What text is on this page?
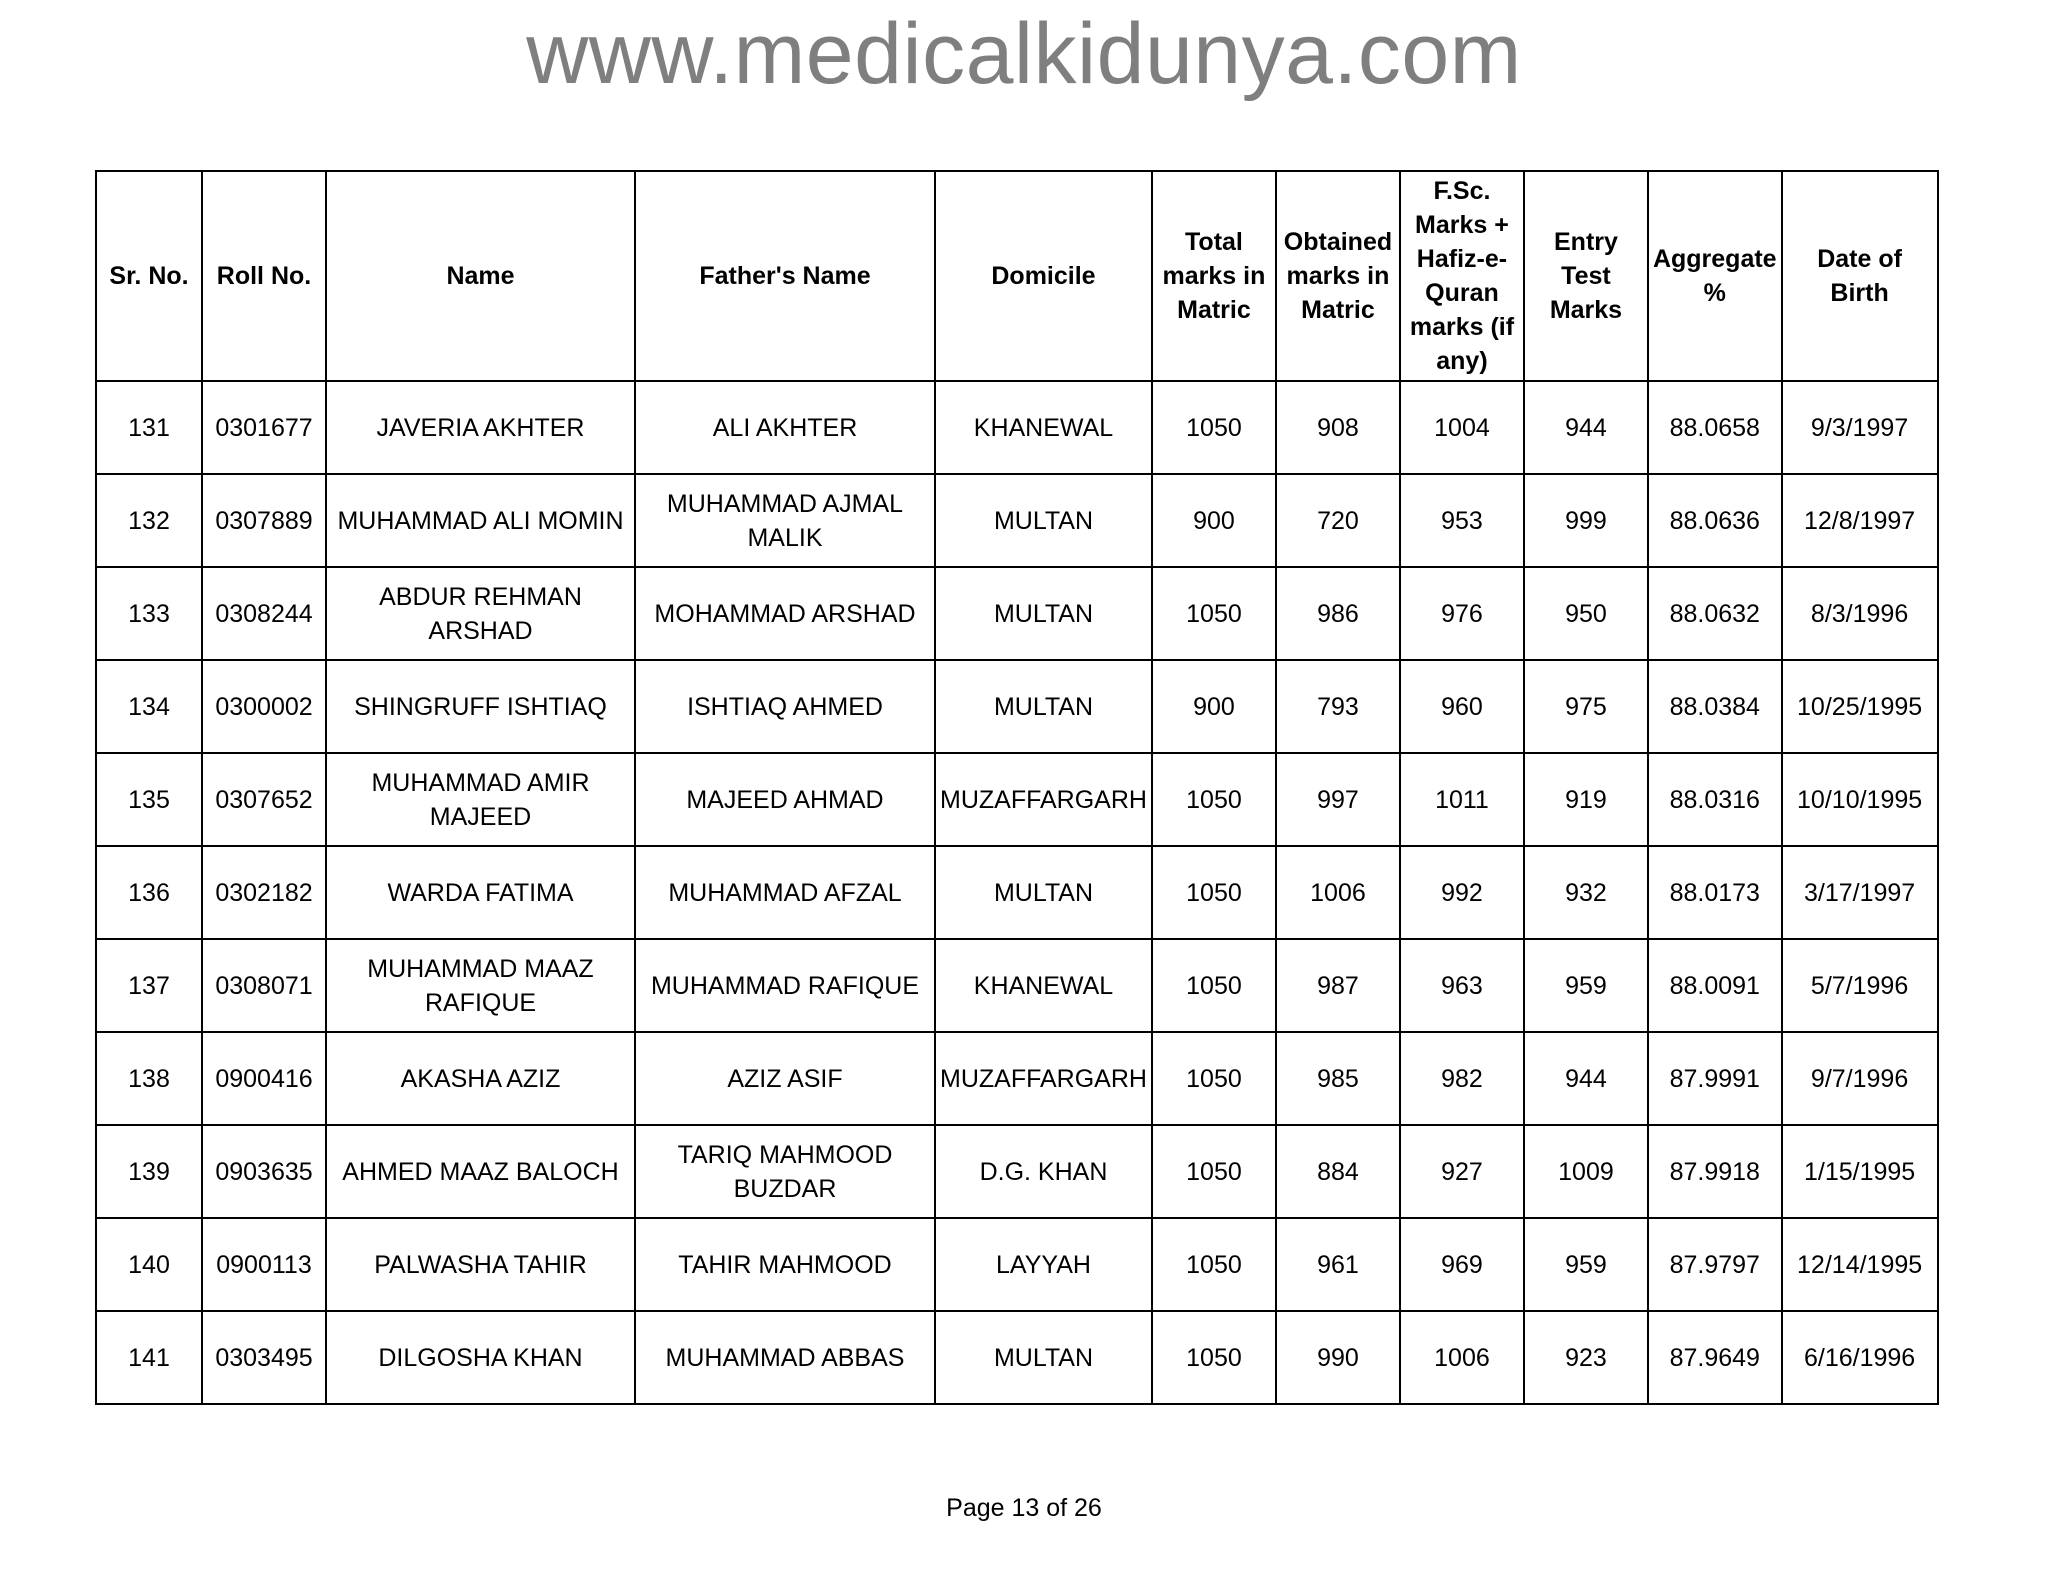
www.medicalkidunya.com
Sr. No.	Roll No.	Name	Father's Name	Domicile	Total marks in Matric	Obtained marks in Matric	F.Sc. Marks + Hafiz-e-Quran marks (if any)	Entry Test Marks	Aggregate %	Date of Birth
131	0301677	JAVERIA AKHTER	ALI AKHTER	KHANEWAL	1050	908	1004	944	88.0658	9/3/1997
132	0307889	MUHAMMAD ALI MOMIN	MUHAMMAD AJMAL MALIK	MULTAN	900	720	953	999	88.0636	12/8/1997
133	0308244	ABDUR REHMAN ARSHAD	MOHAMMAD ARSHAD	MULTAN	1050	986	976	950	88.0632	8/3/1996
134	0300002	SHINGRUFF ISHTIAQ	ISHTIAQ AHMED	MULTAN	900	793	960	975	88.0384	10/25/1995
135	0307652	MUHAMMAD AMIR MAJEED	MAJEED AHMAD	MUZAFFARGARH	1050	997	1011	919	88.0316	10/10/1995
136	0302182	WARDA FATIMA	MUHAMMAD AFZAL	MULTAN	1050	1006	992	932	88.0173	3/17/1997
137	0308071	MUHAMMAD MAAZ RAFIQUE	MUHAMMAD RAFIQUE	KHANEWAL	1050	987	963	959	88.0091	5/7/1996
138	0900416	AKASHA AZIZ	AZIZ ASIF	MUZAFFARGARH	1050	985	982	944	87.9991	9/7/1996
139	0903635	AHMED MAAZ BALOCH	TARIQ MAHMOOD BUZDAR	D.G. KHAN	1050	884	927	1009	87.9918	1/15/1995
140	0900113	PALWASHA TAHIR	TAHIR MAHMOOD	LAYYAH	1050	961	969	959	87.9797	12/14/1995
141	0303495	DILGOSHA KHAN	MUHAMMAD ABBAS	MULTAN	1050	990	1006	923	87.9649	6/16/1996
Page 13 of 26
